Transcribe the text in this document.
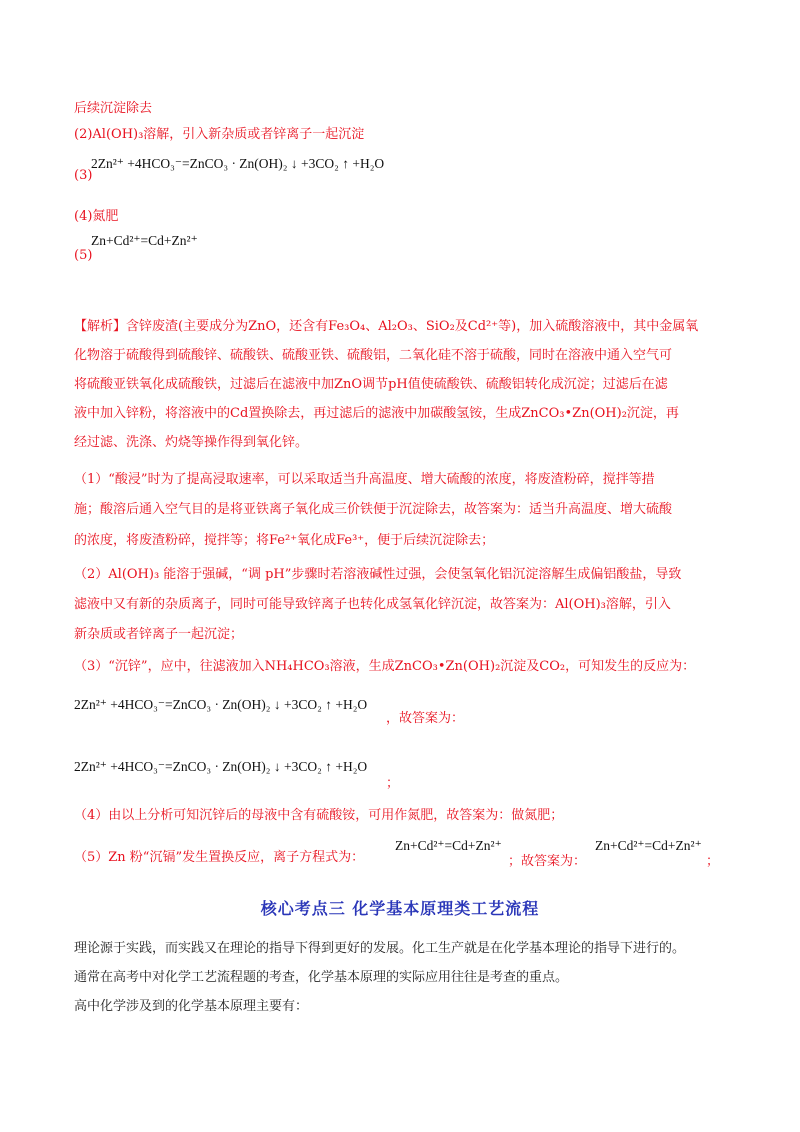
后续沉淀除去
(2)Al(OH)₃溶解，引入新杂质或者锌离子一起沉淀
2Zn²⁺ +4HCO₃⁻=ZnCO₃ · Zn(OH)₂ ↓ +3CO₂ ↑ +H₂O
(3)
(4)氮肥
Zn+Cd²⁺=Cd+Zn²⁺
(5)
【解析】含锌废渣(主要成分为ZnO，还含有Fe₃O₄、Al₂O₃、SiO₂及Cd²⁺等)，加入硫酸溶液中，其中金属氧
化物溶于硫酸得到硫酸锌、硫酸铁、硫酸亚铁、硫酸铝，二氧化硅不溶于硫酸，同时在溶液中通入空气可
将硫酸亚铁氧化成硫酸铁，过滤后在滤液中加ZnO调节pH值使硫酸铁、硫酸铝转化成沉淀；过滤后在滤
液中加入锌粉，将溶液中的Cd置换除去，再过滤后的滤液中加碳酸氢铵，生成ZnCO₃•Zn(OH)₂沉淀，再
经过滤、洗涤、灼烧等操作得到氧化锌。
（1）“酸浸”时为了提高浸取速率，可以采取适当升高温度、增大硫酸的浓度，将废渣粉碎，搅拌等措
施；酸溶后通入空气目的是将亚铁离子氧化成三价铁便于沉淀除去，故答案为：适当升高温度、增大硫酸
的浓度，将废渣粉碎，搅拌等；将Fe²⁺氧化成Fe³⁺，便于后续沉淀除去；
（2）Al(OH)₃ 能溶于强碱，“调 pH”步骤时若溶液碱性过强，会使氢氧化铝沉淀溶解生成偏铝酸盐，导致
滤液中又有新的杂质离子，同时可能导致锌离子也转化成氢氧化锌沉淀，故答案为：Al(OH)₃溶解，引入
新杂质或者锌离子一起沉淀；
（3）“沉锌”，应中，往滤液加入NH₄HCO₃溶液，生成ZnCO₃•Zn(OH)₂沉淀及CO₂，可知发生的反应为：
2Zn²⁺ +4HCO₃⁻=ZnCO₃ · Zn(OH)₂ ↓ +3CO₂ ↑ +H₂O
，故答案为：
2Zn²⁺ +4HCO₃⁻=ZnCO₃ · Zn(OH)₂ ↓ +3CO₂ ↑ +H₂O
；
（4）由以上分析可知沉锌后的母液中含有硫酸铵，可用作氮肥，故答案为：做氮肥；
（5）Zn 粉“沉镉”发生置换反应，离子方程式为：
Zn+Cd²⁺=Cd+Zn²⁺
；故答案为：
Zn+Cd²⁺=Cd+Zn²⁺
；
核心考点三 化学基本原理类工艺流程
理论源于实践，而实践又在理论的指导下得到更好的发展。化工生产就是在化学基本理论的指导下进行的。
通常在高考中对化学工艺流程题的考查，化学基本原理的实际应用往往是考查的重点。
高中化学涉及到的化学基本原理主要有：
